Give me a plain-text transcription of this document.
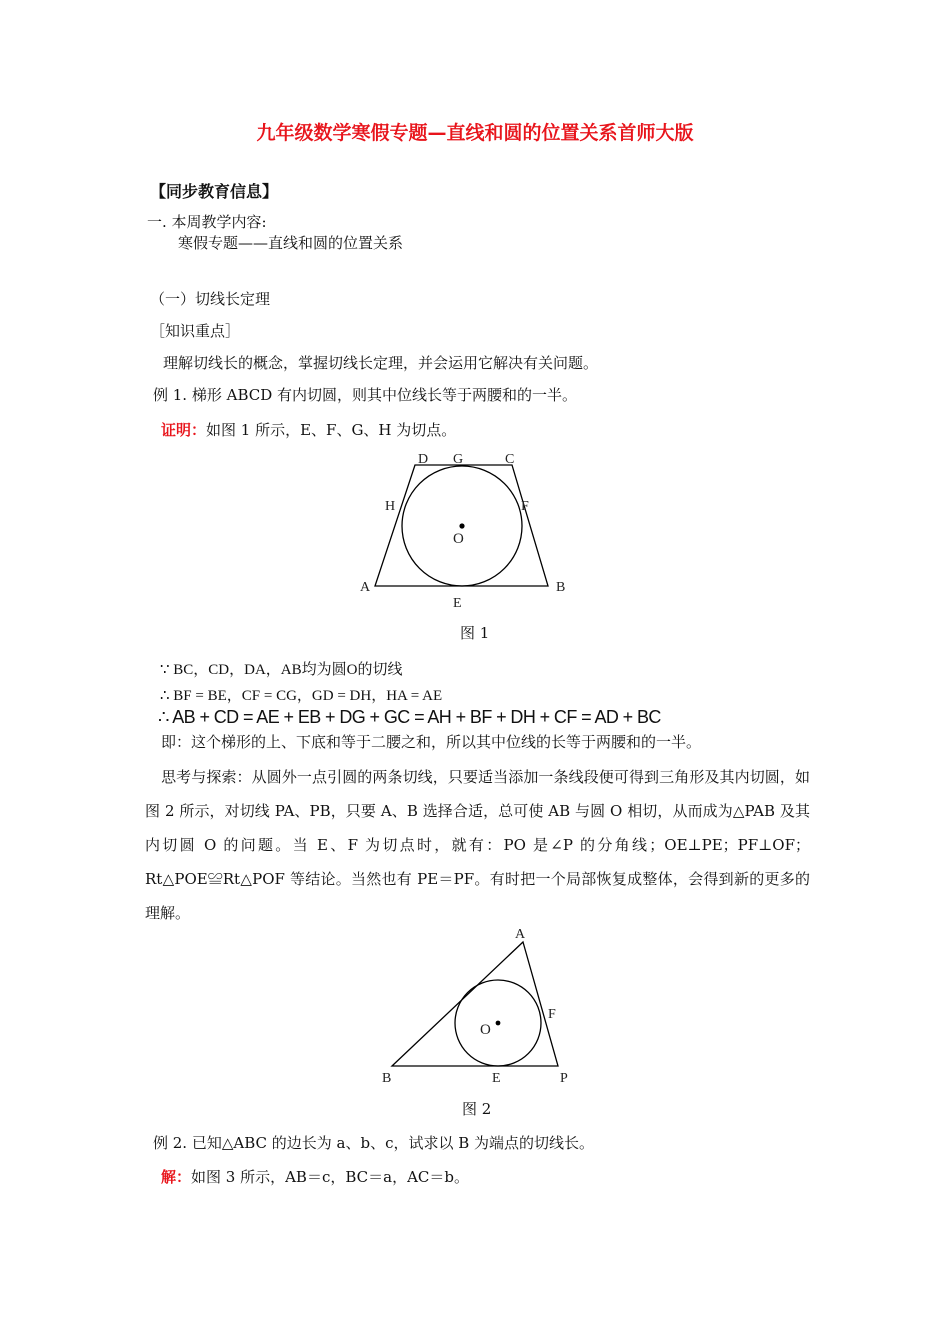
九年级数学寒假专题—直线和圆的位置关系首师大版
【同步教育信息】
一. 本周教学内容:
寒假专题——直线和圆的位置关系
（一）切线长定理
［知识重点］
理解切线长的概念，掌握切线长定理，并会运用它解决有关问题。
例 1. 梯形 ABCD 有内切圆，则其中位线长等于两腰和的一半。
证明：如图 1 所示，E、F、G、H 为切点。
D G	C
H	F
O
A	B
E
图 1
∵ BC，CD，DA，AB均为圆O的切线
∴ BF = BE，CF = CG，GD = DH，HA = AE
∴ AB + CD = AE + EB + DG + GC = AH + BF + DH + CF = AD + BC
即：这个梯形的上、下底和等于二腰之和，所以其中位线的长等于两腰和的一半。
思考与探索：从圆外一点引圆的两条切线，只要适当添加一条线段便可得到三角形及其内切圆，如图 2 所示，对切线 PA、PB，只要 A、B 选择合适，总可使 AB 与圆 O 相切，从而成为△PAB 及其内切圆 O 的问题。当 E、F 为切点时，就有：PO 是∠P 的分角线；OE⊥PE；PF⊥OF；Rt△POE≌Rt△POF 等结论。当然也有 PE＝PF。有时把一个局部恢复成整体，会得到新的更多的理解。
A
F
O
B	E	P
图 2
例 2. 已知△ABC 的边长为 a、b、c，试求以 B 为端点的切线长。
解：如图 3 所示，AB＝c，BC＝a，AC＝b。
